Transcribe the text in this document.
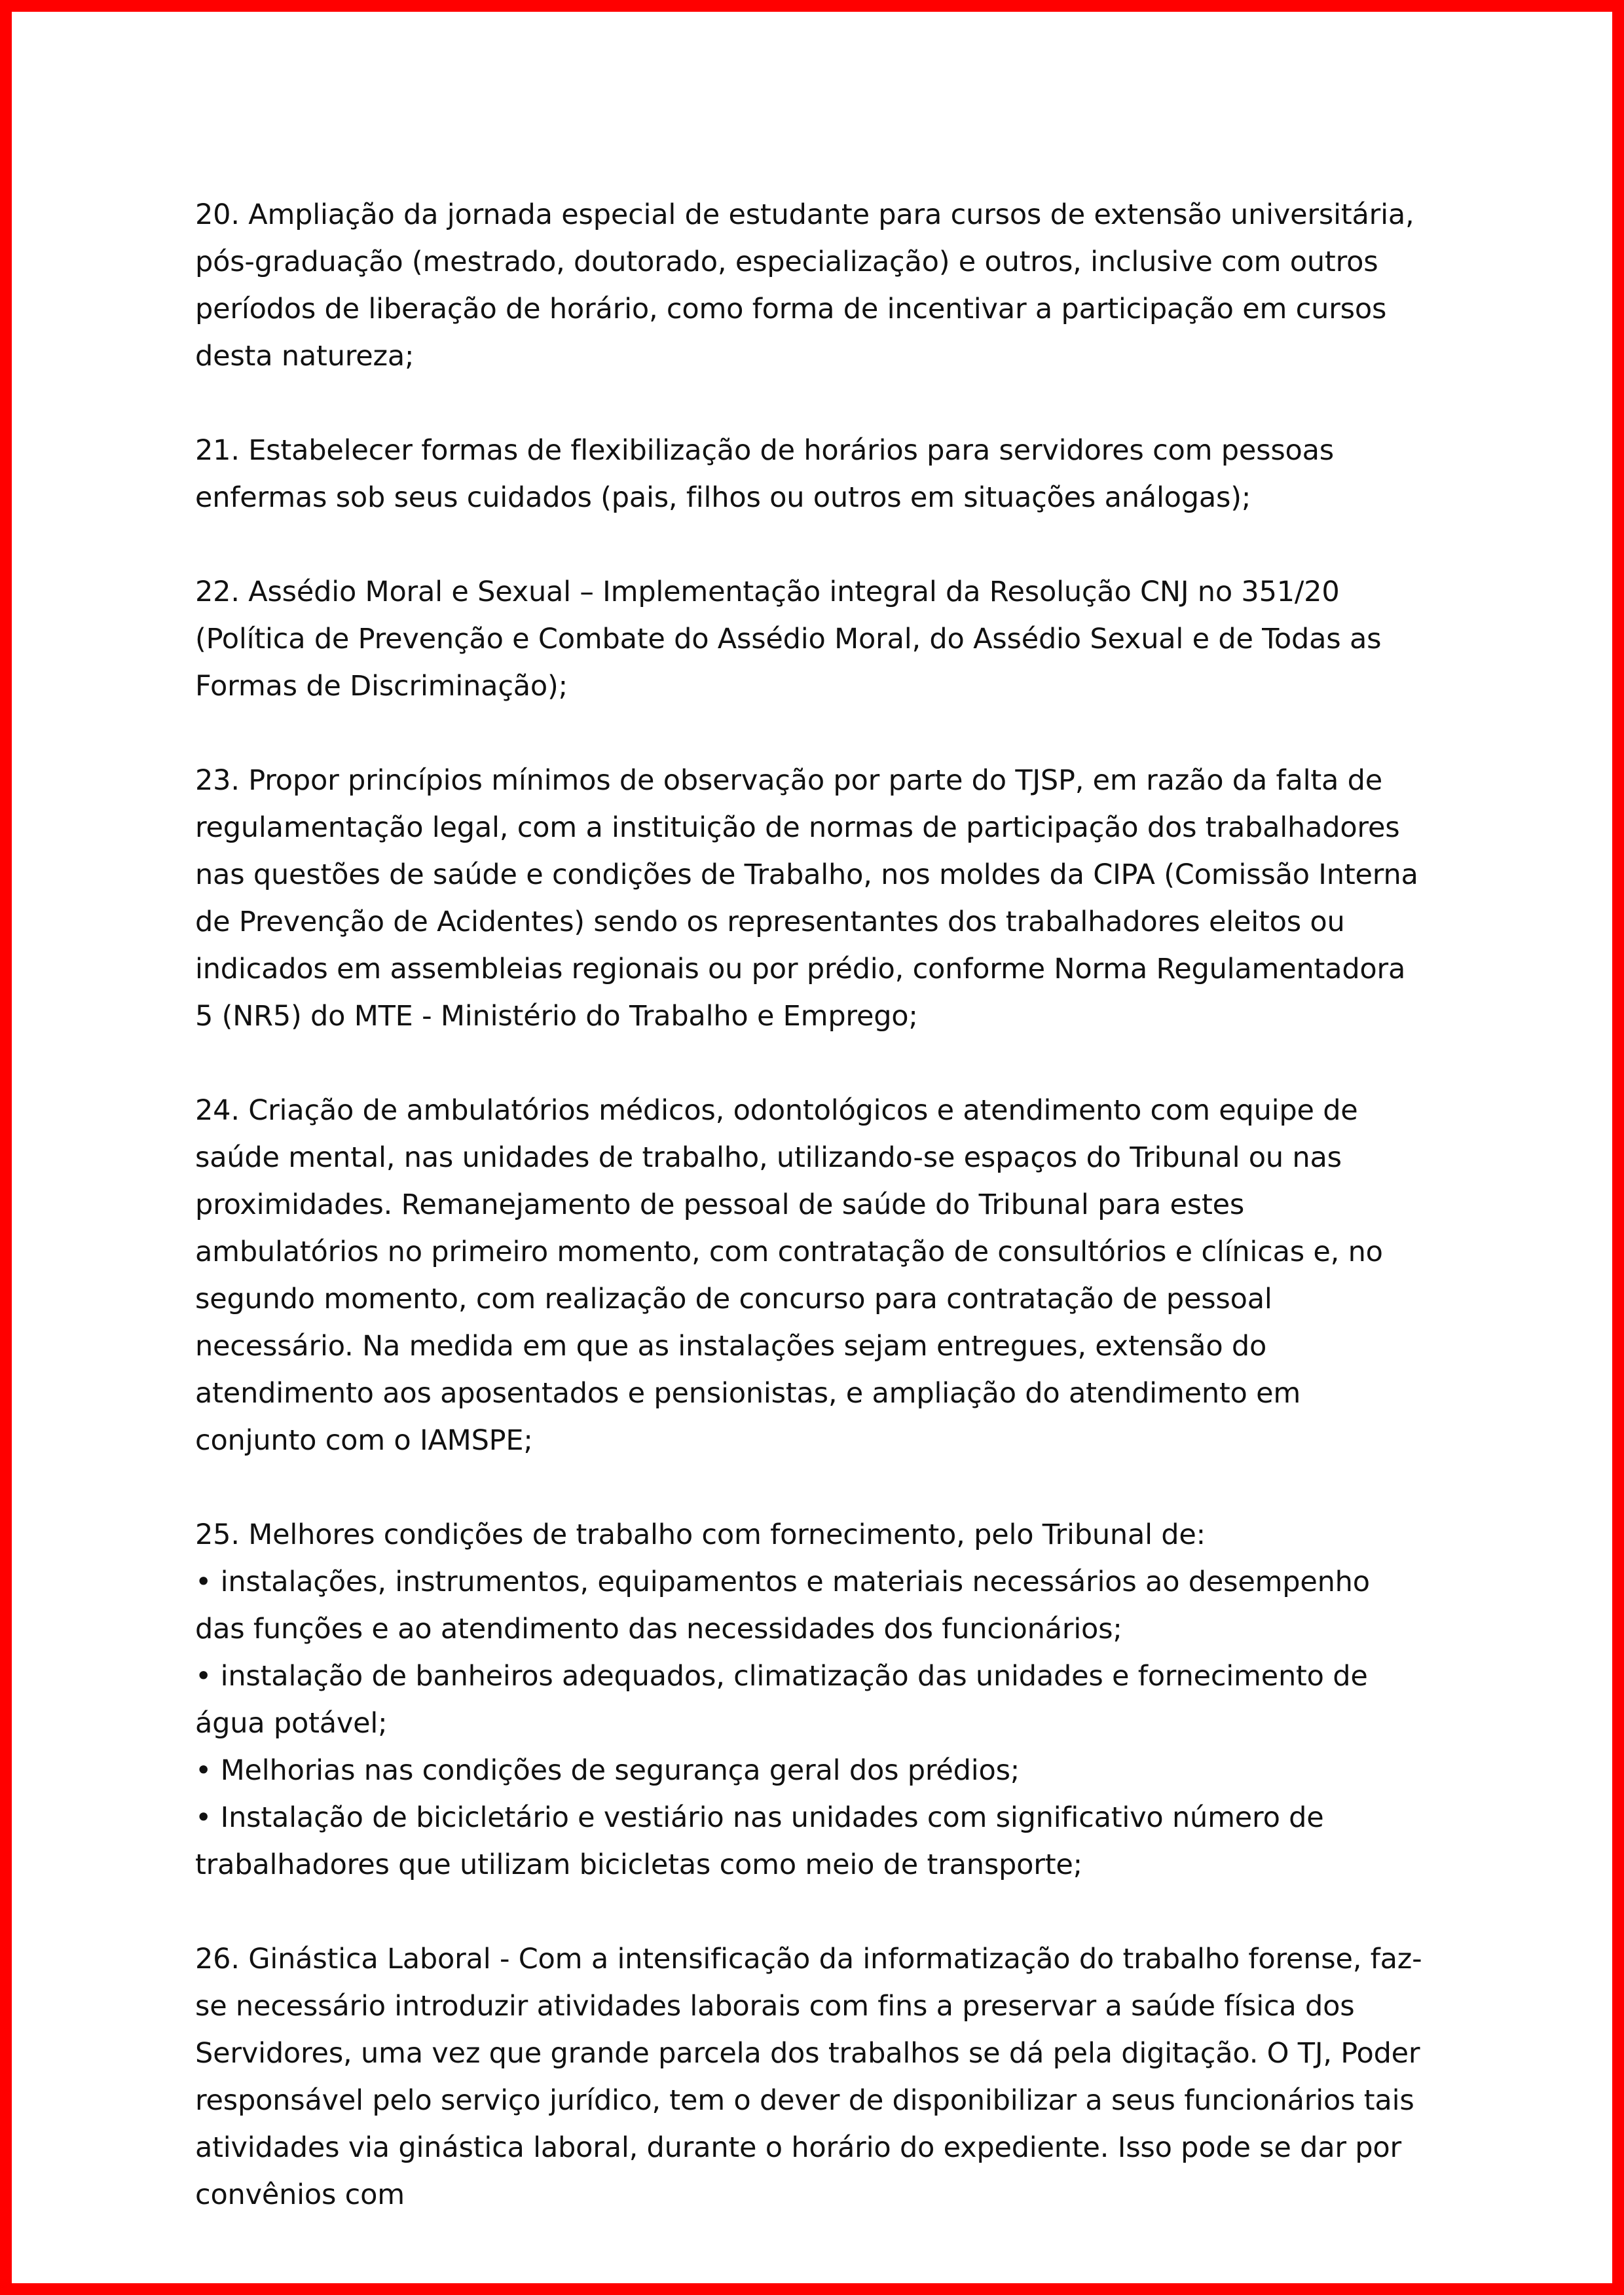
20. Ampliação da jornada especial de estudante para cursos de extensão universitária, pós-graduação (mestrado, doutorado, especialização) e outros, inclusive com outros períodos de liberação de horário, como forma de incentivar a participação em cursos desta natureza;

21. Estabelecer formas de flexibilização de horários para servidores com pessoas enfermas sob seus cuidados (pais, filhos ou outros em situações análogas);

22. Assédio Moral e Sexual – Implementação integral da Resolução CNJ no 351/20 (Política de Prevenção e Combate do Assédio Moral, do Assédio Sexual e de Todas as Formas de Discriminação);

23. Propor princípios mínimos de observação por parte do TJSP, em razão da falta de regulamentação legal, com a instituição de normas de participação dos trabalhadores nas questões de saúde e condições de Trabalho, nos moldes da CIPA (Comissão Interna de Prevenção de Acidentes) sendo os representantes dos trabalhadores eleitos ou indicados em assembleias regionais ou por prédio, conforme Norma Regulamentadora 5 (NR5) do MTE - Ministério do Trabalho e Emprego;

24. Criação de ambulatórios médicos, odontológicos e atendimento com equipe de saúde mental, nas unidades de trabalho, utilizando-se espaços do Tribunal ou nas proximidades. Remanejamento de pessoal de saúde do Tribunal para estes ambulatórios no primeiro momento, com contratação de consultórios e clínicas e, no segundo momento, com realização de concurso para contratação de pessoal necessário. Na medida em que as instalações sejam entregues, extensão do atendimento aos aposentados e pensionistas, e ampliação do atendimento em conjunto com o IAMSPE;

25. Melhores condições de trabalho com fornecimento, pelo Tribunal de:

• instalações, instrumentos, equipamentos e materiais necessários ao desempenho das funções e ao atendimento das necessidades dos funcionários;
• instalação de banheiros adequados, climatização das unidades e fornecimento de água potável;
• Melhorias nas condições de segurança geral dos prédios;
• Instalação de bicicletário e vestiário nas unidades com significativo número de trabalhadores que utilizam bicicletas como meio de transporte;

26. Ginástica Laboral - Com a intensificação da informatização do trabalho forense, faz-se necessário introduzir atividades laborais com fins a preservar a saúde física dos Servidores, uma vez que grande parcela dos trabalhos se dá pela digitação. O TJ, Poder responsável pelo serviço jurídico, tem o dever de disponibilizar a seus funcionários tais atividades via ginástica laboral, durante o horário do expediente. Isso pode se dar por convênios com
